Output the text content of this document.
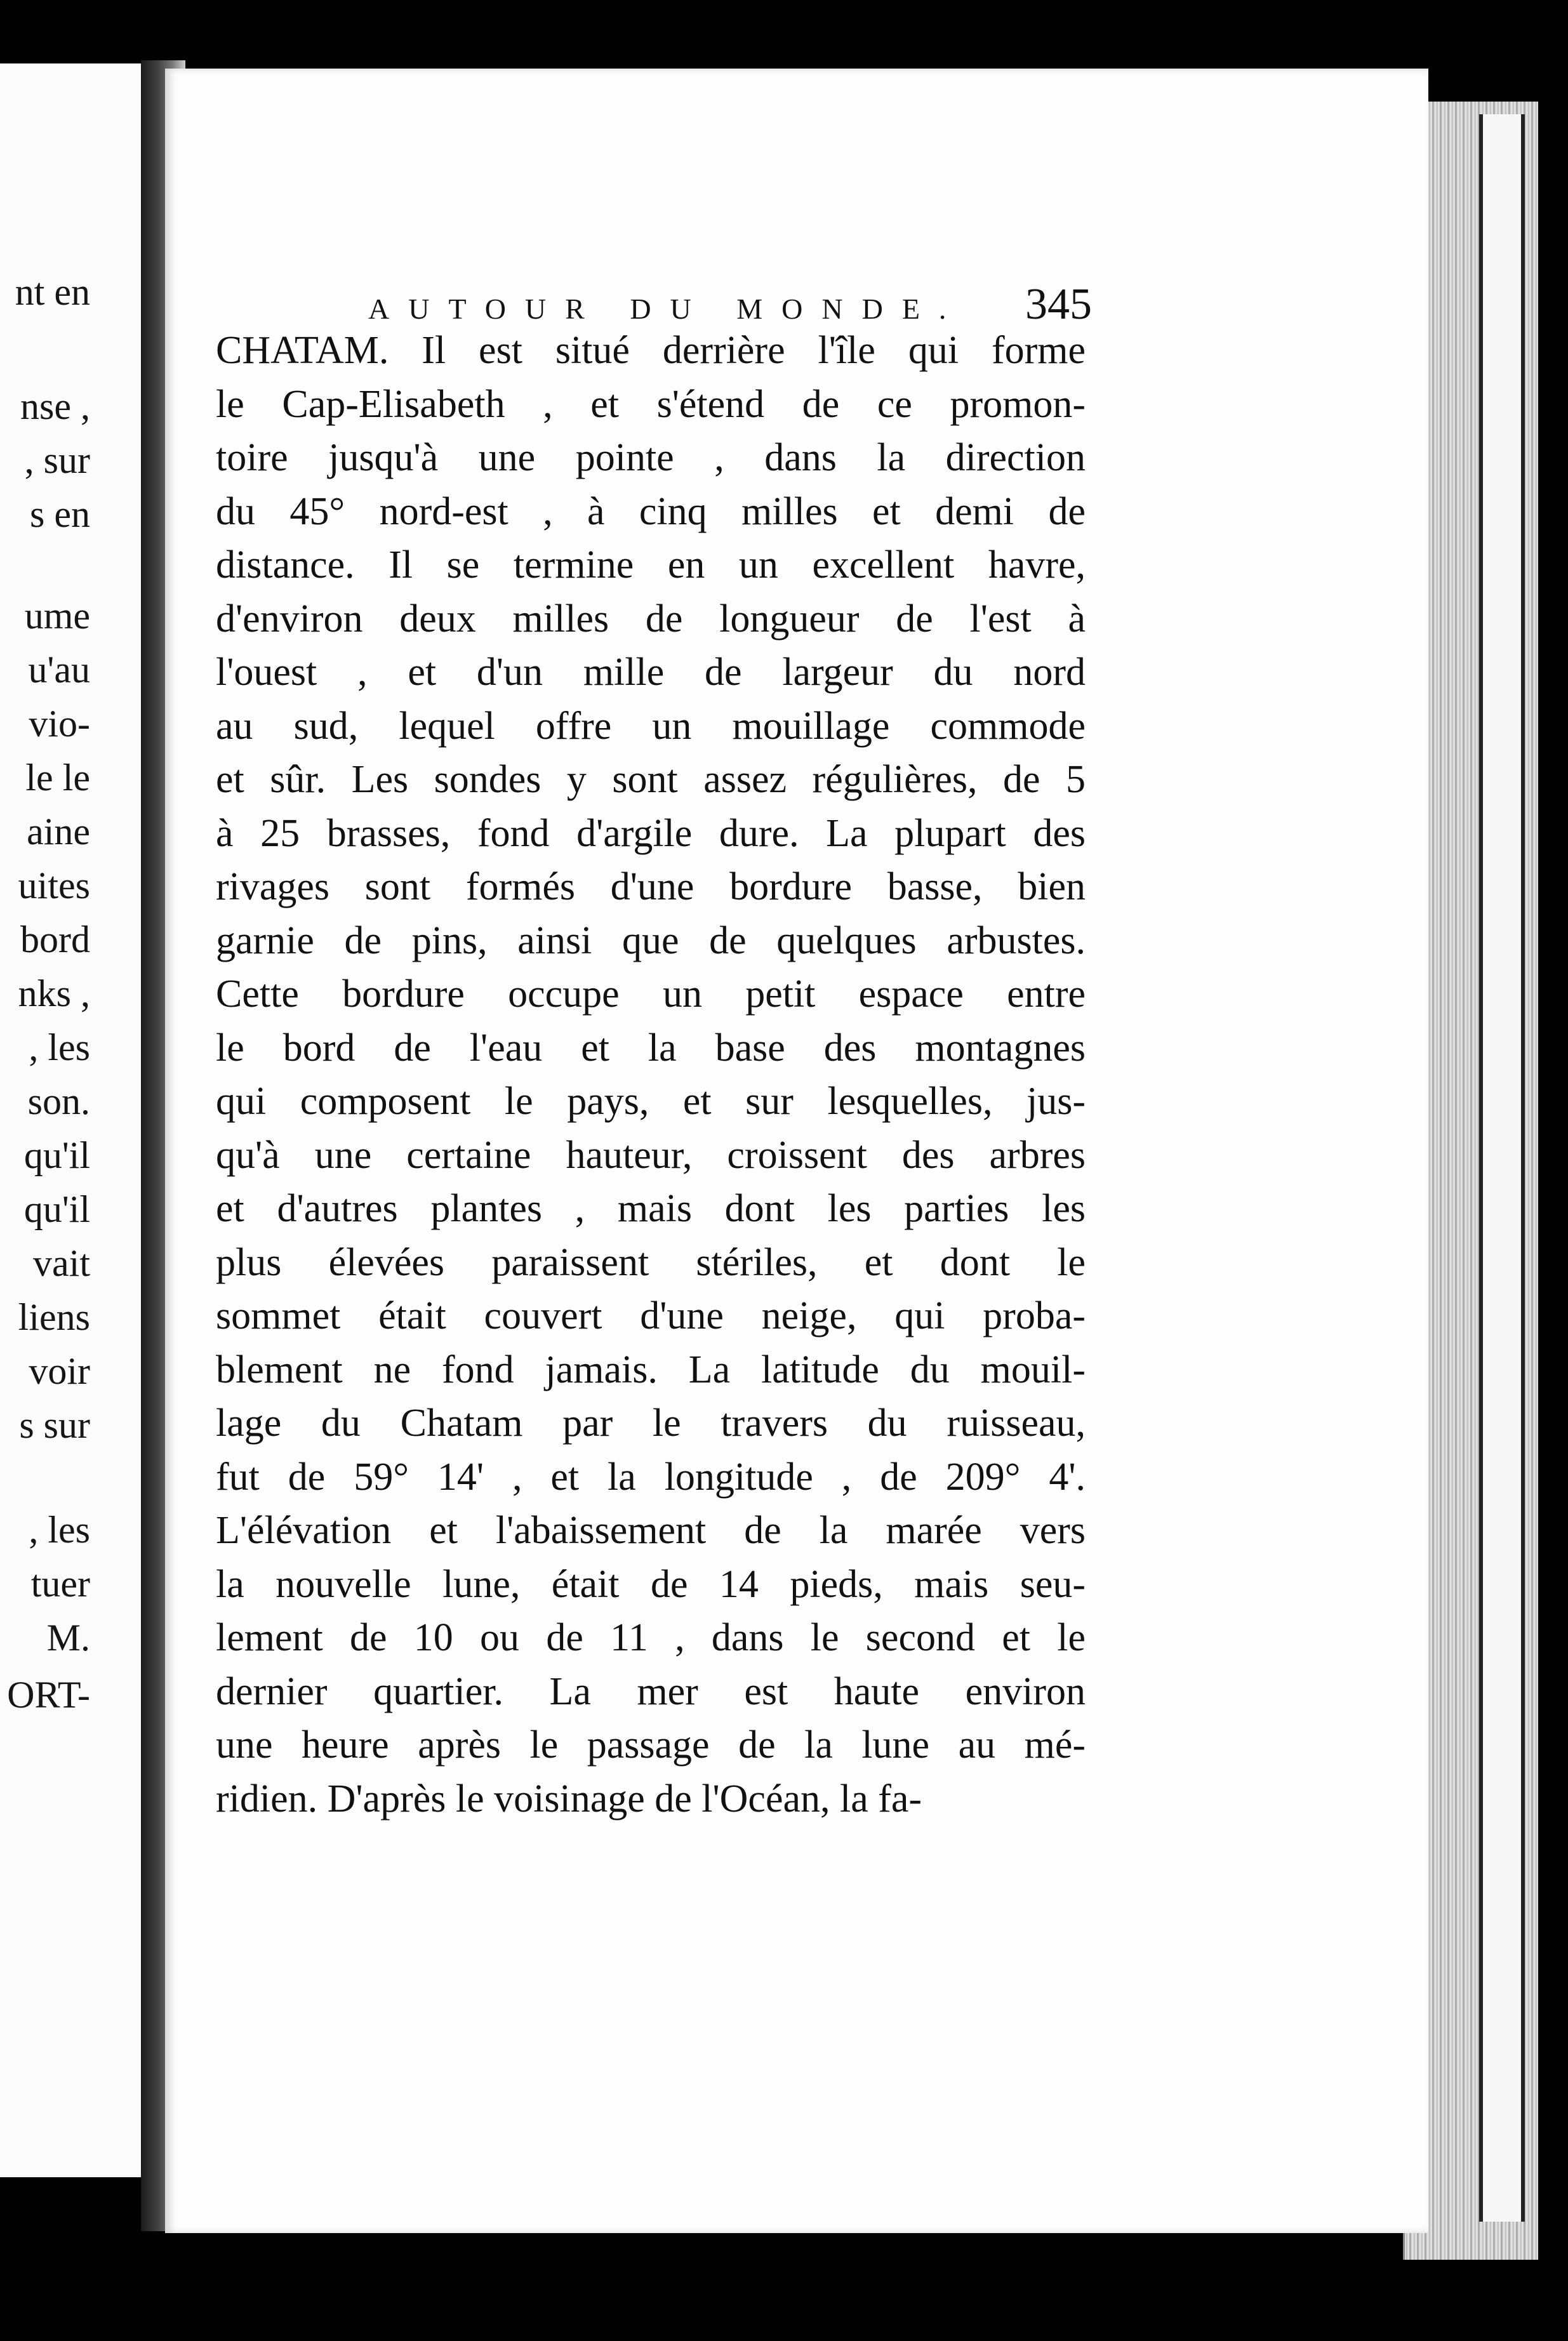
nt en
nse ,
, sur
s en
ume
u'au
vio-
le le
aine
uites
bord
nks ,
, les
son.
qu'il
qu'il
vait
liens
voir
s sur
, les
tuer
M.
ORT-
AUTOUR DU MONDE. 345
CHATAM. Il est situé derrière l'île qui forme
le Cap-Elisabeth , et s'étend de ce promon-
toire jusqu'à une pointe , dans la direction
du 45° nord-est , à cinq milles et demi de
distance. Il se termine en un excellent havre,
d'environ deux milles de longueur de l'est à
l'ouest , et d'un mille de largeur du nord
au sud, lequel offre un mouillage commode
et sûr. Les sondes y sont assez régulières, de 5
à 25 brasses, fond d'argile dure. La plupart des
rivages sont formés d'une bordure basse, bien
garnie de pins, ainsi que de quelques arbustes.
Cette bordure occupe un petit espace entre
le bord de l'eau et la base des montagnes
qui composent le pays, et sur lesquelles, jus-
qu'à une certaine hauteur, croissent des arbres
et d'autres plantes , mais dont les parties les
plus élevées paraissent stériles, et dont le
sommet était couvert d'une neige, qui proba-
blement ne fond jamais. La latitude du mouil-
lage du Chatam par le travers du ruisseau,
fut de 59° 14' , et la longitude , de 209° 4'.
L'élévation et l'abaissement de la marée vers
la nouvelle lune, était de 14 pieds, mais seu-
lement de 10 ou de 11 , dans le second et le
dernier quartier. La mer est haute environ
une heure après le passage de la lune au mé-
ridien. D'après le voisinage de l'Océan, la fa-
